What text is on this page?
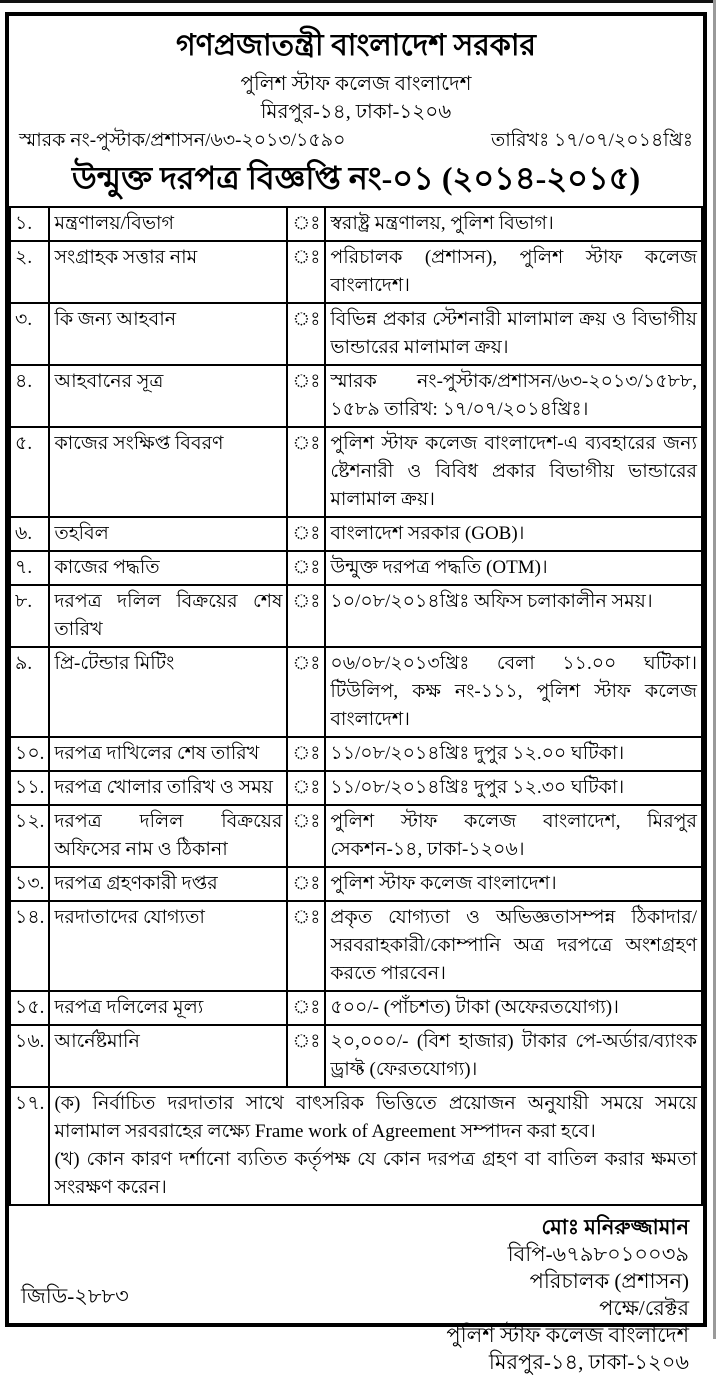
গণপ্রজাতন্ত্রী বাংলাদেশ সরকার
পুলিশ স্টাফ কলেজ বাংলাদেশ
মিরপুর-১৪, ঢাকা-১২০৬
স্মারক নং-পুস্টাক/প্রশাসন/৬৩-২০১৩/১৫৯০	তারিখঃ ১৭/০৭/২০১৪খ্রিঃ
উন্মুক্ত দরপত্র বিজ্ঞপ্তি নং-০১ (২০১৪-২০১৫)
১.	মন্ত্রণালয়/বিভাগ	ঃ	স্বরাষ্ট্র মন্ত্রণালয়, পুলিশ বিভাগ।
২.	সংগ্রাহক সত্তার নাম	ঃ	পরিচালক (প্রশাসন), পুলিশ স্টাফ কলেজ বাংলাদেশ।
৩.	কি জন্য আহবান	ঃ	বিভিন্ন প্রকার স্টেশনারী মালামাল ক্রয় ও বিভাগীয় ভান্ডারের মালামাল ক্রয়।
৪.	আহবানের সূত্র	ঃ	স্মারক নং-পুস্টাক/প্রশাসন/৬৩-২০১৩/১৫৮৮, ১৫৮৯ তারিখ: ১৭/০৭/২০১৪খ্রিঃ।
৫.	কাজের সংক্ষিপ্ত বিবরণ	ঃ	পুলিশ স্টাফ কলেজ বাংলাদেশ-এ ব্যবহারের জন্য ষ্টেশনারী ও বিবিধ প্রকার বিভাগীয় ভান্ডারের মালামাল ক্রয়।
৬.	তহবিল	ঃ	বাংলাদেশ সরকার (GOB)।
৭.	কাজের পদ্ধতি	ঃ	উন্মুক্ত দরপত্র পদ্ধতি (OTM)।
৮.	দরপত্র দলিল বিক্রয়ের শেষ তারিখ	ঃ	১০/০৮/২০১৪খ্রিঃ অফিস চলাকালীন সময়।
৯.	প্রি-টেন্ডার মিটিং	ঃ	০৬/০৮/২০১৩খ্রিঃ বেলা ১১.০০ ঘটিকা। টিউলিপ, কক্ষ নং-১১১, পুলিশ স্টাফ কলেজ বাংলাদেশ।
১০.	দরপত্র দাখিলের শেষ তারিখ	ঃ	১১/০৮/২০১৪খ্রিঃ দুপুর ১২.০০ ঘটিকা।
১১.	দরপত্র খোলার তারিখ ও সময়	ঃ	১১/০৮/২০১৪খ্রিঃ দুপুর ১২.৩০ ঘটিকা।
১২.	দরপত্র দলিল বিক্রয়ের অফিসের নাম ও ঠিকানা	ঃ	পুলিশ স্টাফ কলেজ বাংলাদেশ, মিরপুর সেকশন-১৪, ঢাকা-১২০৬।
১৩.	দরপত্র গ্রহণকারী দপ্তর	ঃ	পুলিশ স্টাফ কলেজ বাংলাদেশ।
১৪.	দরদাতাদের যোগ্যতা	ঃ	প্রকৃত যোগ্যতা ও অভিজ্ঞতাসম্পন্ন ঠিকাদার/সরবরাহকারী/কোম্পানি অত্র দরপত্রে অংশগ্রহণ করতে পারবেন।
১৫.	দরপত্র দলিলের মূল্য	ঃ	৫০০/- (পাঁচশত) টাকা (অফেরতযোগ্য)।
১৬.	আর্নেষ্টমানি	ঃ	২০,০০০/- (বিশ হাজার) টাকার পে-অর্ডার/ব্যাংক ড্রাফ্ট (ফেরতযোগ্য)।
১৭.	(ক) নির্বাচিত দরদাতার সাথে বাৎসরিক ভিত্তিতে প্রয়োজন অনুযায়ী সময়ে সময়ে মালামাল সরবরাহের লক্ষ্যে Frame work of Agreement সম্পাদন করা হবে।
(খ) কোন কারণ দর্শানো ব্যতিত কর্তৃপক্ষ যে কোন দরপত্র গ্রহণ বা বাতিল করার ক্ষমতা সংরক্ষণ করেন।		
মোঃ মনিরুজ্জামান
বিপি-৬৭৯৮০১০০৩৯
পরিচালক (প্রশাসন)
পক্ষে/রেক্টর
পুলিশ স্টাফ কলেজ বাংলাদেশ
মিরপুর-১৪, ঢাকা-১২০৬
জিডি-২৮৮৩
